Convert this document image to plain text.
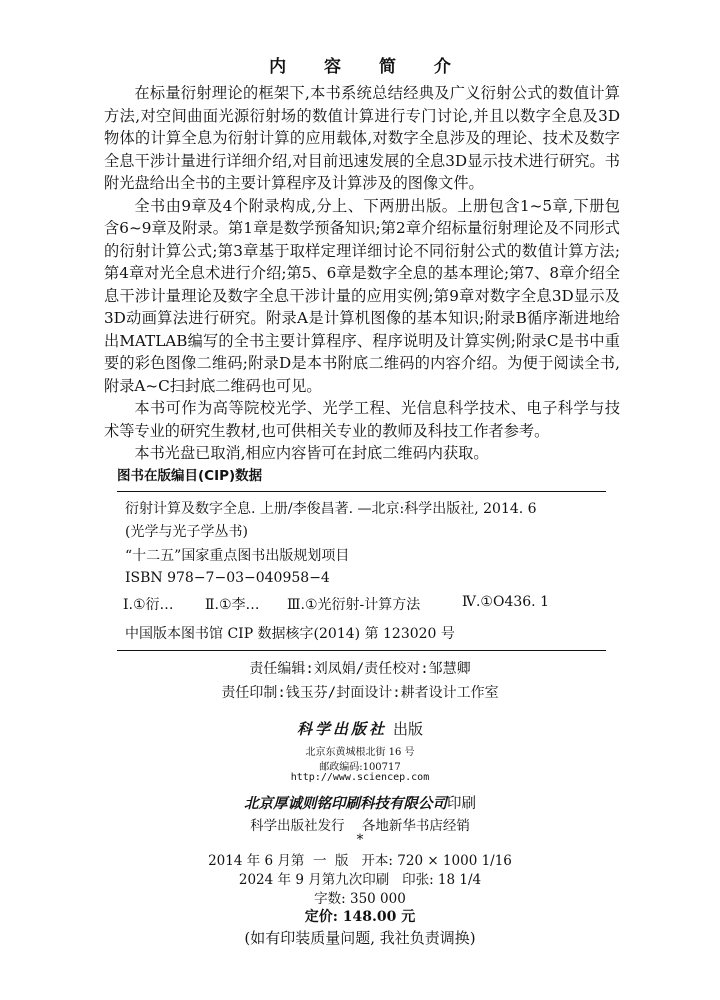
内 容 简 介

在标量衍射理论的框架下,本书系统总结经典及广义衍射公式的数值计算方法,对空间曲面光源衍射场的数值计算进行专门讨论,并且以数字全息及3D物体的计算全息为衍射计算的应用载体,对数字全息涉及的理论、技术及数字全息干涉计量进行详细介绍,对目前迅速发展的全息3D显示技术进行研究。书附光盘给出全书的主要计算程序及计算涉及的图像文件。

全书由9章及4个附录构成,分上、下两册出版。上册包含1~5章,下册包含6~9章及附录。第1章是数学预备知识;第2章介绍标量衍射理论及不同形式的衍射计算公式;第3章基于取样定理详细讨论不同衍射公式的数值计算方法;第4章对光全息术进行介绍;第5、6章是数字全息的基本理论;第7、8章介绍全息干涉计量理论及数字全息干涉计量的应用实例;第9章对数字全息3D显示及3D动画算法进行研究。附录A是计算机图像的基本知识;附录B循序渐进地给出MATLAB编写的全书主要计算程序、程序说明及计算实例;附录C是书中重要的彩色图像二维码;附录D是本书附底二维码的内容介绍。为便于阅读全书,附录A~C扫封底二维码也可见。

本书可作为高等院校光学、光学工程、光信息科学技术、电子科学与技术等专业的研究生教材,也可供相关专业的教师及科技工作者参考。

本书光盘已取消,相应内容皆可在封底二维码内获取。

图书在版编目(CIP)数据
衍射计算及数字全息. 上册/李俊昌著. —北京:科学出版社, 2014. 6
(光学与光子学丛书)
“十二五”国家重点图书出版规划项目
ISBN 978−7−03−040958−4
Ⅰ.①衍… Ⅱ.①李… Ⅲ.①光衍射-计算方法	Ⅳ.①O436. 1
中国版本图书馆 CIP 数据核字(2014) 第 123020 号
责任编辑:刘凤娟/责任校对:邹慧卿
责任印制:钱玉芬/封面设计:耕者设计工作室
科学出版社 出版
北京东黄城根北街 16 号
邮政编码:100717
http://www.sciencep.com
北京厚诚则铭印刷科技有限公司印刷
科学出版社发行    各地新华书店经销
*
2014 年 6 月第  一  版   开本: 720 × 1000 1/16
2024 年 9 月第九次印刷   印张: 18 1/4
字数: 350 000
定价: 148.00 元
(如有印装质量问题, 我社负责调换)
